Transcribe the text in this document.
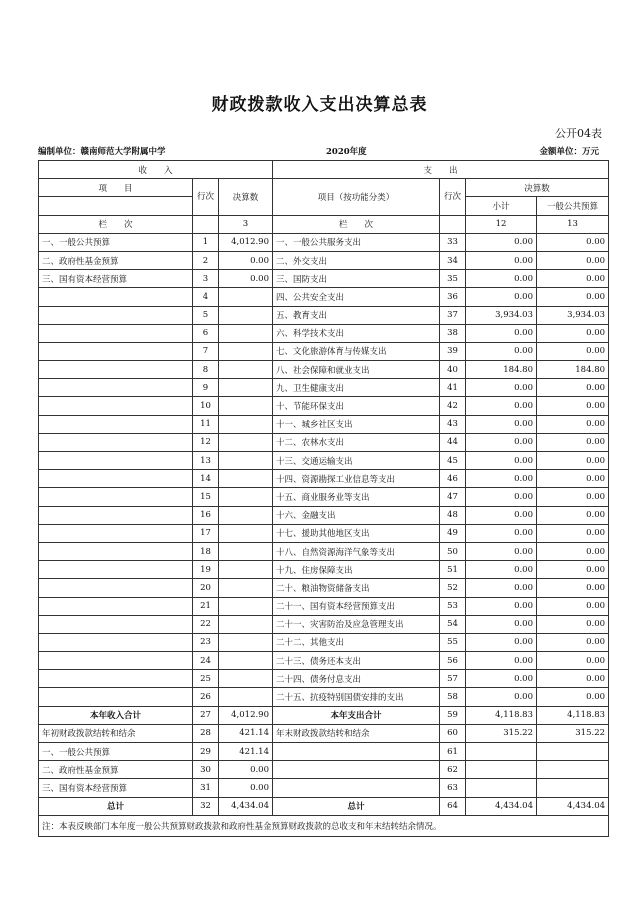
财政拨款收入支出决算总表
公开04表
编制单位：赣南师范大学附属中学	2020年度	金额单位：万元
收　　入			支　　出			
项　　目	行次	决算数	项目（按功能分类）	行次	决算数	
					小计	一般公共预算

栏　　次		3	栏　　次		12	13
一、一般公共预算	1	4,012.90	一、一般公共服务支出	33	0.00	0.00
二、政府性基金预算	2	0.00	二、外交支出	34	0.00	0.00
三、国有资本经营预算	3	0.00	三、国防支出	35	0.00	0.00
	4		四、公共安全支出	36	0.00	0.00
	5		五、教育支出	37	3,934.03	3,934.03
	6		六、科学技术支出	38	0.00	0.00
	7		七、文化旅游体育与传媒支出	39	0.00	0.00
	8		八、社会保障和就业支出	40	184.80	184.80
	9		九、卫生健康支出	41	0.00	0.00
	10		十、节能环保支出	42	0.00	0.00
	11		十一、城乡社区支出	43	0.00	0.00
	12		十二、农林水支出	44	0.00	0.00
	13		十三、交通运输支出	45	0.00	0.00
	14		十四、资源勘探工业信息等支出	46	0.00	0.00
	15		十五、商业服务业等支出	47	0.00	0.00
	16		十六、金融支出	48	0.00	0.00
	17		十七、援助其他地区支出	49	0.00	0.00
	18		十八、自然资源海洋气象等支出	50	0.00	0.00
	19		十九、住房保障支出	51	0.00	0.00
	20		二十、粮油物资储备支出	52	0.00	0.00
	21		二十一、国有资本经营预算支出	53	0.00	0.00
	22		二十一、灾害防治及应急管理支出	54	0.00	0.00
	23		二十二、其他支出	55	0.00	0.00
	24		二十三、债务还本支出	56	0.00	0.00
	25		二十四、债务付息支出	57	0.00	0.00
	26		二十五、抗疫特别国债安排的支出	58	0.00	0.00
本年收入合计	27	4,012.90	本年支出合计	59	4,118.83	4,118.83
年初财政拨款结转和结余	28	421.14	年末财政拨款结转和结余	60	315.22	315.22
一、一般公共预算	29	421.14		61		
二、政府性基金预算	30	0.00		62		
三、国有资本经营预算	31	0.00		63		
总计	32	4,434.04	总计	64	4,434.04	4,434.04
注：本表反映部门本年度一般公共预算财政拨款和政府性基金预算财政拨款的总收支和年末结转结余情况。						
